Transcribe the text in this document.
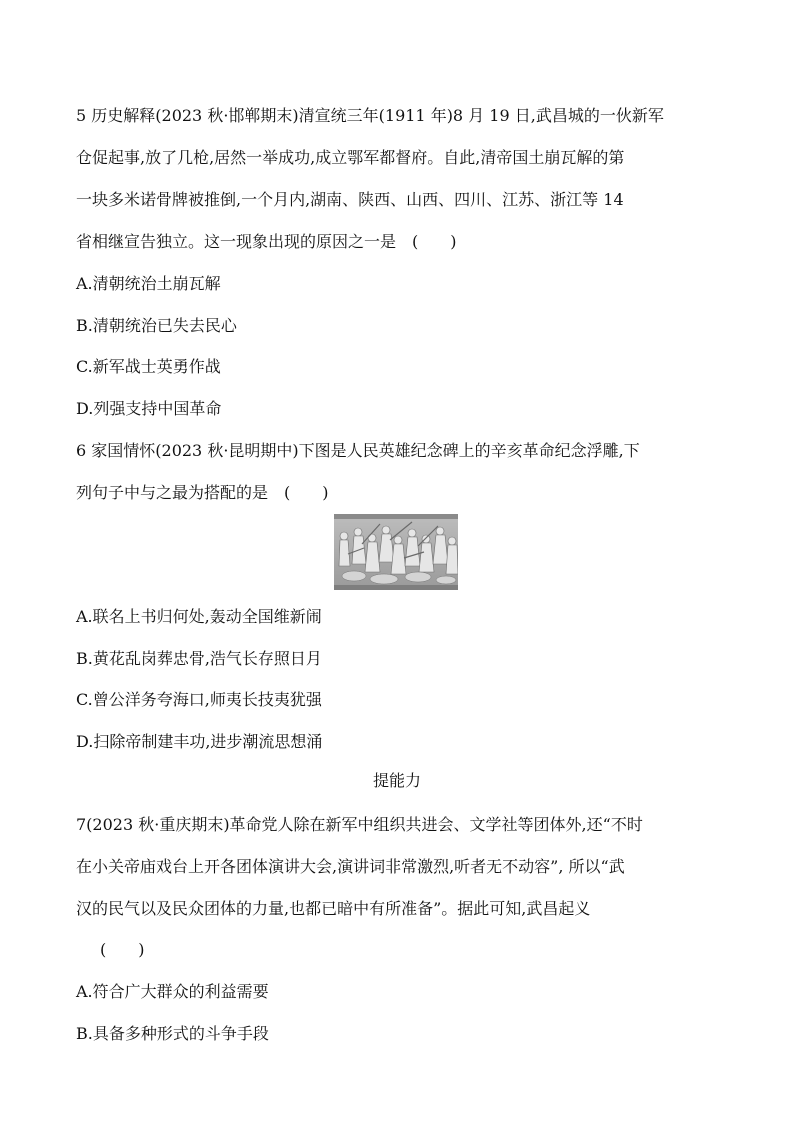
5 历史解释(2023 秋·邯郸期末)清宣统三年(1911 年)8 月 19 日,武昌城的一伙新军
仓促起事,放了几枪,居然一举成功,成立鄂军都督府。自此,清帝国土崩瓦解的第
一块多米诺骨牌被推倒,一个月内,湖南、陕西、山西、四川、江苏、浙江等 14
省相继宣告独立。这一现象出现的原因之一是　(　　)
A.清朝统治土崩瓦解
B.清朝统治已失去民心
C.新军战士英勇作战
D.列强支持中国革命
6 家国情怀(2023 秋·昆明期中)下图是人民英雄纪念碑上的辛亥革命纪念浮雕,下
列句子中与之最为搭配的是　(　　)
A.联名上书归何处,轰动全国维新闹
B.黄花乱岗葬忠骨,浩气长存照日月
C.曾公洋务夸海口,师夷长技夷犹强
D.扫除帝制建丰功,进步潮流思想涌
提能力
7(2023 秋·重庆期末)革命党人除在新军中组织共进会、文学社等团体外,还“不时
在小关帝庙戏台上开各团体演讲大会,演讲词非常激烈,听者无不动容”, 所以“武
汉的民气以及民众团体的力量,也都已暗中有所准备”。据此可知,武昌起义
(　　)
A.符合广大群众的利益需要
B.具备多种形式的斗争手段
